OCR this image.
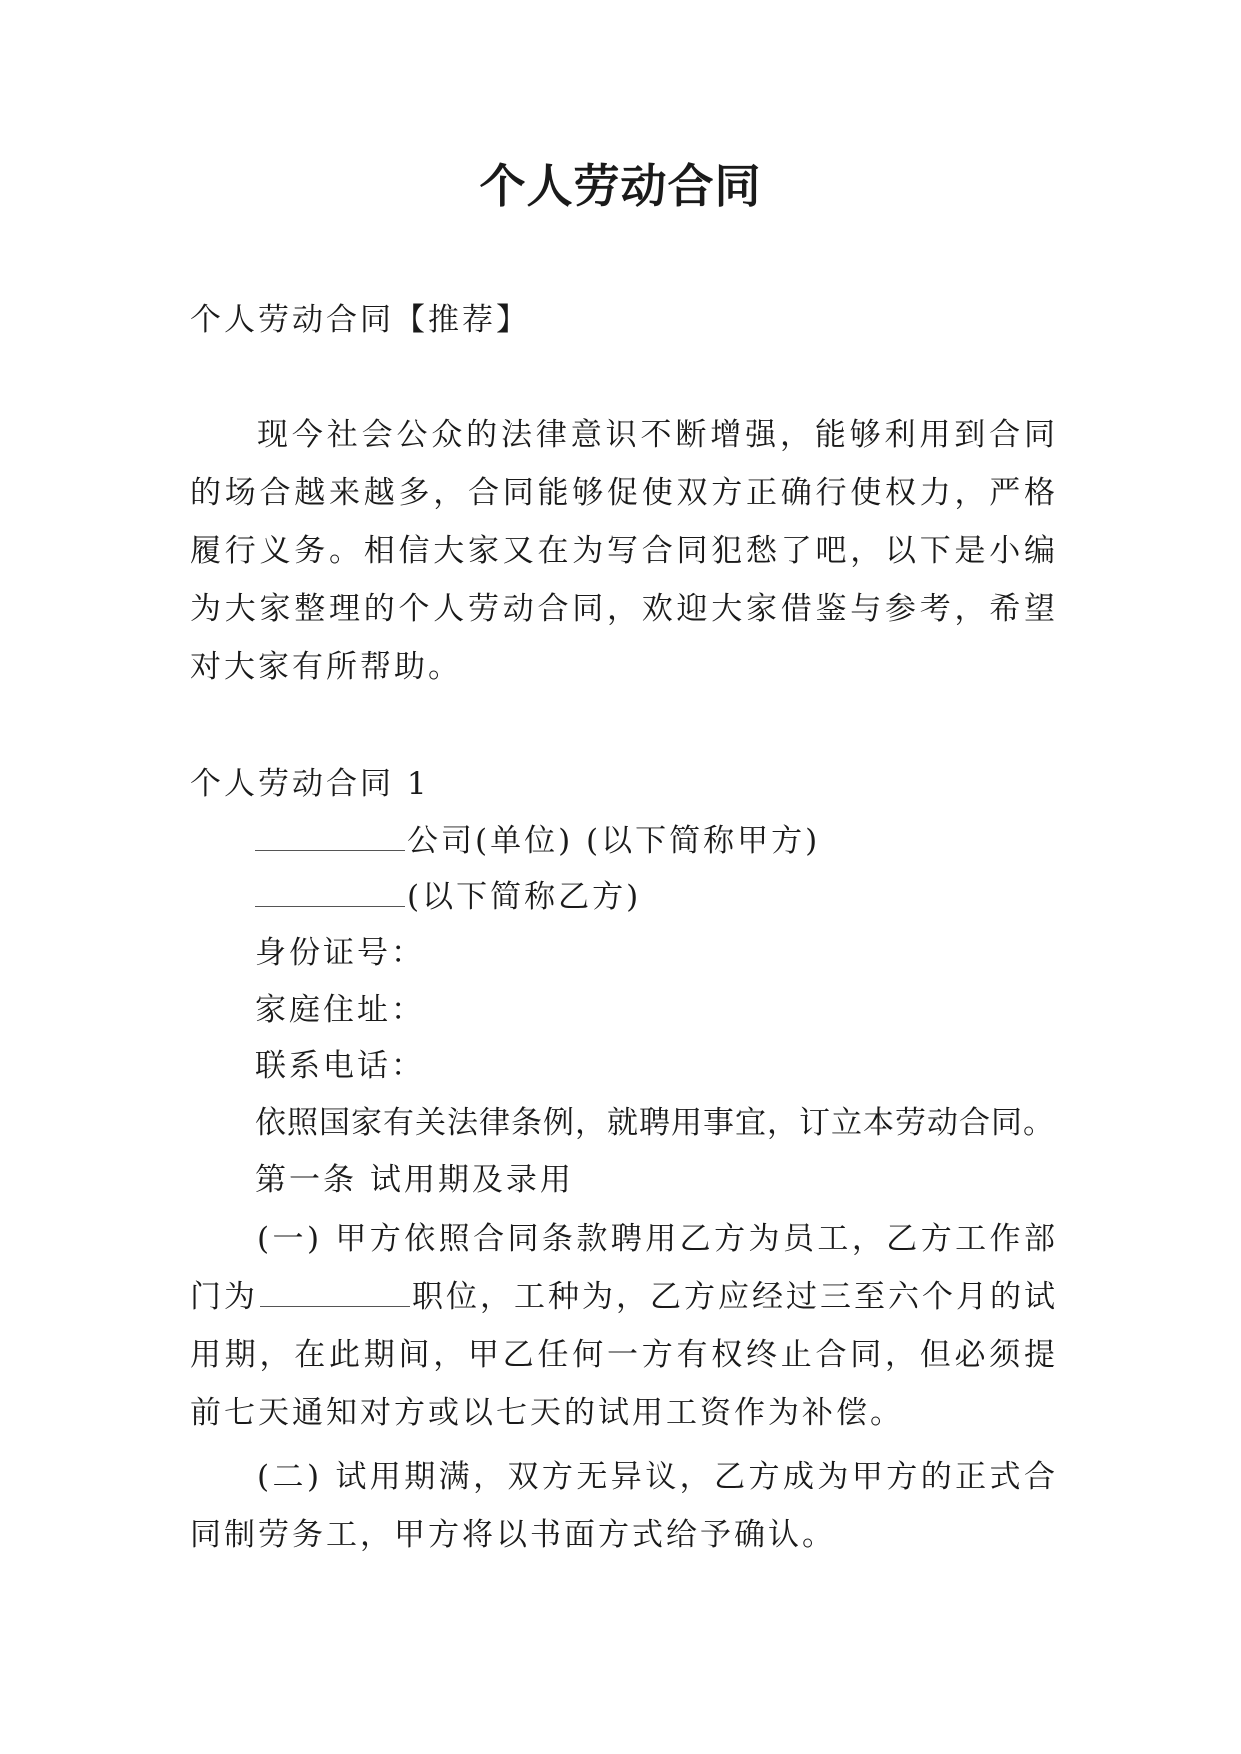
个人劳动合同
个人劳动合同【推荐】
现今社会公众的法律意识不断增强，能够利用到合同的场合越来越多，合同能够促使双方正确行使权力，严格履行义务。相信大家又在为写合同犯愁了吧，以下是小编为大家整理的个人劳动合同，欢迎大家借鉴与参考，希望对大家有所帮助。
个人劳动合同 1
公司(单位) (以下简称甲方)
(以下简称乙方)
身份证号：
家庭住址：
联系电话：
依照国家有关法律条例，就聘用事宜，订立本劳动合同。
第一条 试用期及录用
(一) 甲方依照合同条款聘用乙方为员工，乙方工作部门为	职位，工种为，乙方应经过三至六个月的试用期，在此期间，甲乙任何一方有权终止合同，但必须提前七天通知对方或以七天的试用工资作为补偿。
(二) 试用期满，双方无异议，乙方成为甲方的正式合同制劳务工，甲方将以书面方式给予确认。
